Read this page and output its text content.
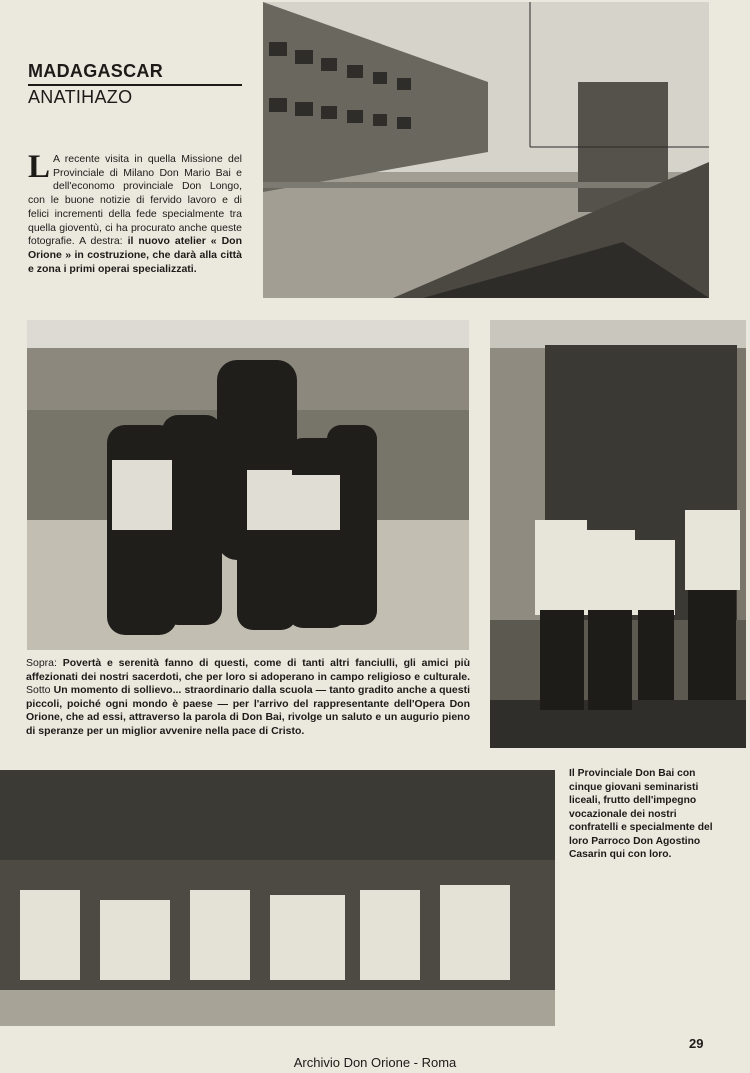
MADAGASCAR
ANATIHAZO
L A recente visita in quella Missione del Provinciale di Milano Don Mario Bai e dell'economo provinciale Don Longo, con le buone notizie di fervido lavoro e di felici incrementi della fede specialmente tra quella gioventù, ci ha procurato anche queste fotografie. A destra: il nuovo atelier « Don Orione » in costruzione, che darà alla città e zona i primi operai specializzati.
Sopra: Povertà e serenità fanno di questi, come di tanti altri fanciulli, gli amici più affezionati dei nostri sacerdoti, che per loro si adoperano in campo religioso e culturale. Sotto Un momento di sollievo... straordinario dalla scuola — tanto gradito anche a questi piccoli, poiché ogni mondo è paese — per l'arrivo del rappresentante dell'Opera Don Orione, che ad essi, attraverso la parola di Don Bai, rivolge un saluto e un augurio pieno di speranze per un miglior avvenire nella pace di Cristo.
Il Provinciale Don Bai con cinque giovani seminaristi liceali, frutto dell'impegno vocazionale dei nostri confratelli e specialmente del loro Parroco Don Agostino Casarin qui con loro.
29
Archivio Don Orione - Roma
